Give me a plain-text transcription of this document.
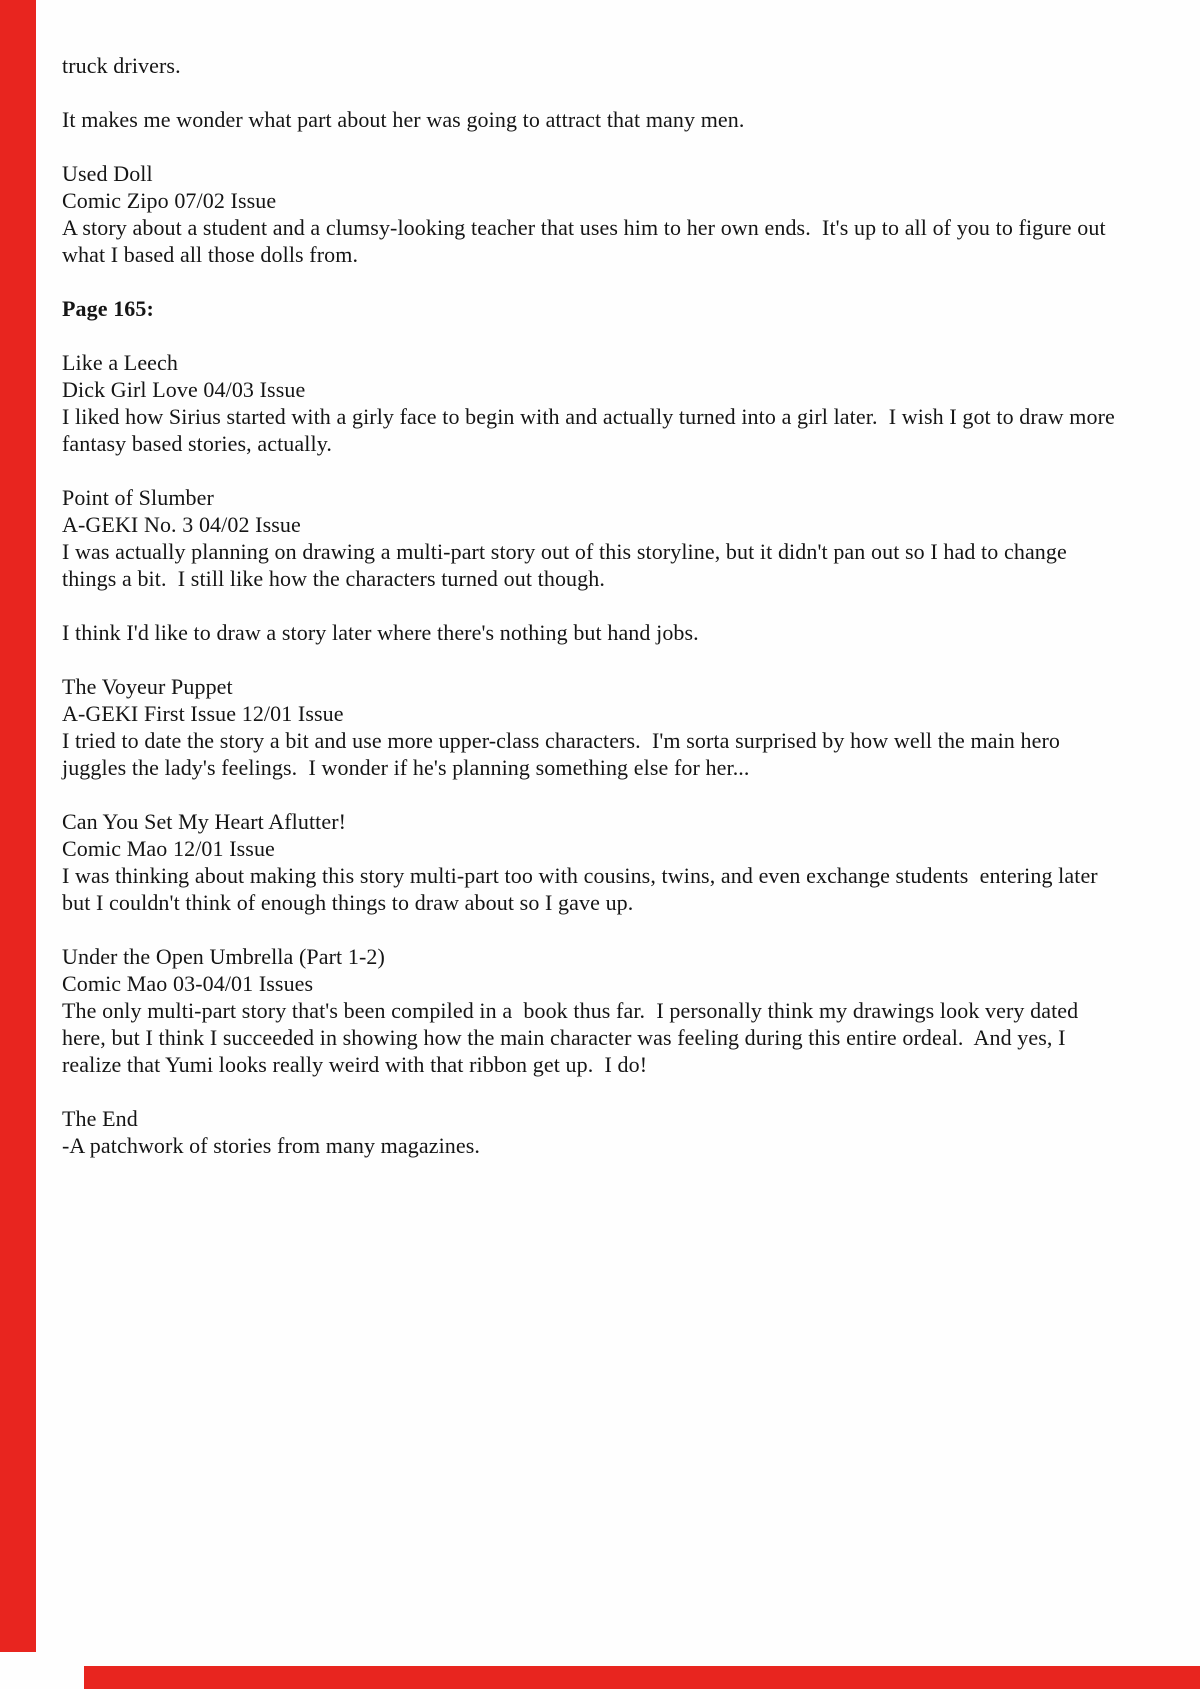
truck drivers.
It makes me wonder what part about her was going to attract that many men.
Used Doll
Comic Zipo 07/02 Issue
A story about a student and a clumsy-looking teacher that uses him to her own ends.  It's up to all of you to figure out
what I based all those dolls from.
Page 165:
Like a Leech
Dick Girl Love 04/03 Issue
I liked how Sirius started with a girly face to begin with and actually turned into a girl later.  I wish I got to draw more
fantasy based stories, actually.
Point of Slumber
A-GEKI No. 3 04/02 Issue
I was actually planning on drawing a multi-part story out of this storyline, but it didn't pan out so I had to change
things a bit.  I still like how the characters turned out though.
I think I'd like to draw a story later where there's nothing but hand jobs.
The Voyeur Puppet
A-GEKI First Issue 12/01 Issue
I tried to date the story a bit and use more upper-class characters.  I'm sorta surprised by how well the main hero
juggles the lady's feelings.  I wonder if he's planning something else for her...
Can You Set My Heart Aflutter!
Comic Mao 12/01 Issue
I was thinking about making this story multi-part too with cousins, twins, and even exchange students  entering later
but I couldn't think of enough things to draw about so I gave up.
Under the Open Umbrella (Part 1-2)
Comic Mao 03-04/01 Issues
The only multi-part story that's been compiled in a  book thus far.  I personally think my drawings look very dated
here, but I think I succeeded in showing how the main character was feeling during this entire ordeal.  And yes, I
realize that Yumi looks really weird with that ribbon get up.  I do!
The End
-A patchwork of stories from many magazines.
